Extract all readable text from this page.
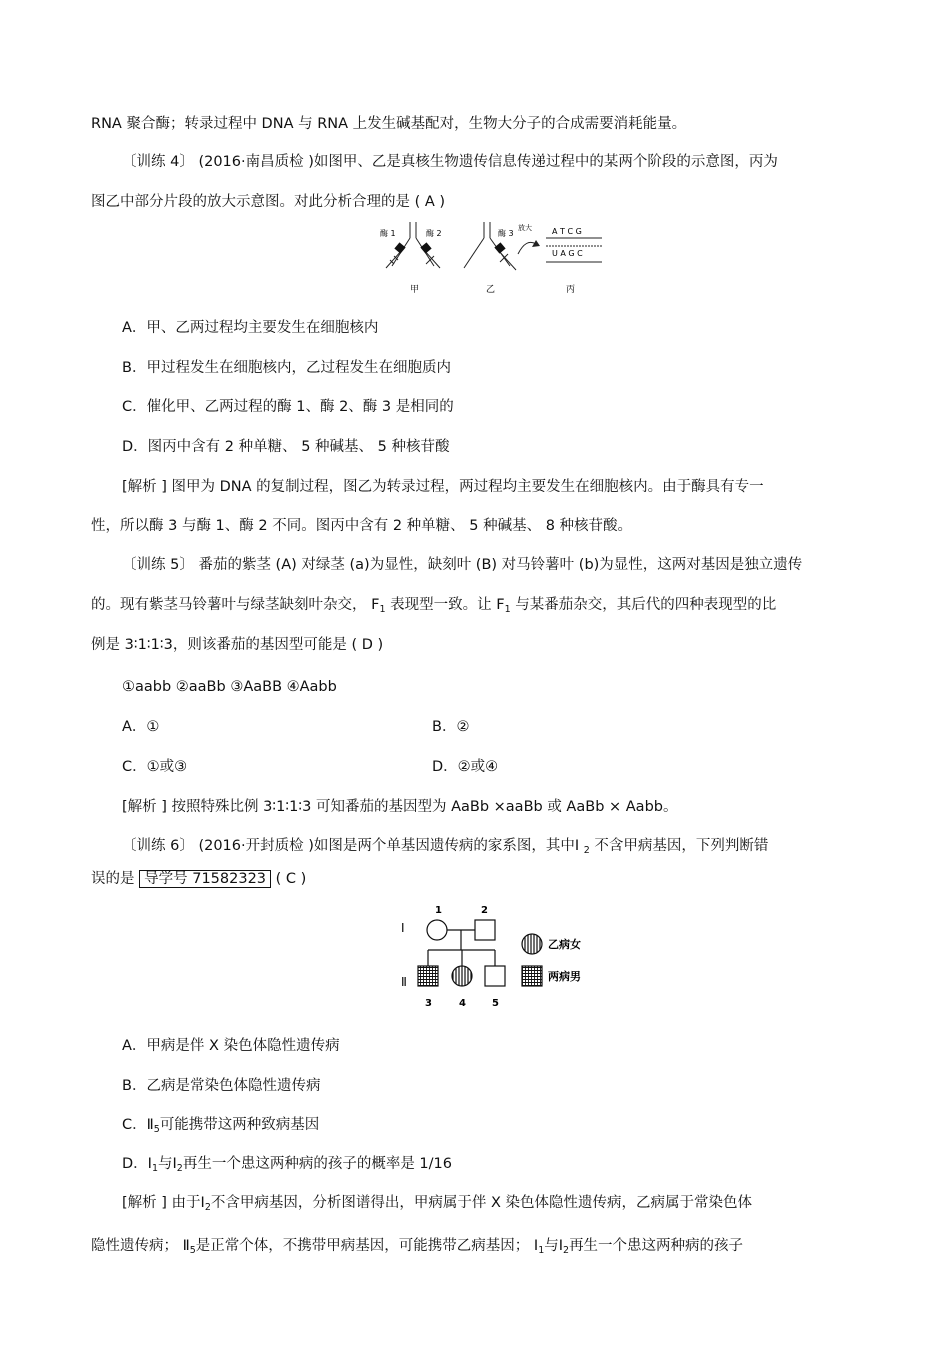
RNA 聚合酶；转录过程中 DNA 与 RNA 上发生碱基配对，生物大分子的合成需要消耗能量。
〔训练 4〕 (2016·南昌质检 )如图甲、乙是真核生物遗传信息传递过程中的某两个阶段的示意图，丙为
图乙中部分片段的放大示意图。对此分析合理的是 ( A )
酶 1	酶 2
甲
酶 3
乙
放大	A T C G
U A G C
丙
A．甲、乙两过程均主要发生在细胞核内
B．甲过程发生在细胞核内，乙过程发生在细胞质内
C．催化甲、乙两过程的酶 1、酶 2、酶 3 是相同的
D．图丙中含有 2 种单糖、 5 种碱基、 5 种核苷酸
[解析 ] 图甲为 DNA 的复制过程，图乙为转录过程，两过程均主要发生在细胞核内。由于酶具有专一
性，所以酶 3 与酶 1、酶 2 不同。图丙中含有 2 种单糖、 5 种碱基、 8 种核苷酸。
〔训练 5〕 番茄的紫茎 (A) 对绿茎 (a)为显性，缺刻叶 (B) 对马铃薯叶 (b)为显性，这两对基因是独立遗传
的。现有紫茎马铃薯叶与绿茎缺刻叶杂交， $F_1$ 表现型一致。让 $F_1$ 与某番茄杂交，其后代的四种表现型的比
例是 3∶1∶1∶3，则该番茄的基因型可能是 ( D )
①aabb ②aaBb ③AaBB ④Aabb
A．①	B．②
C．①或③	D．②或④
[解析 ] 按照特殊比例 3∶1∶1∶3 可知番茄的基因型为 AaBb ×aaBb 或 AaBb × Aabb。
〔训练 6〕 (2016·开封质检 )如图是两个单基因遗传病的家系图，其中Ⅰ $_2$ 不含甲病基因，下列判断错
误的是 导学号 71582323 ( C )
Ⅰ
Ⅱ
1	2
3	4	5
乙病女
两病男
A．甲病是伴 X 染色体隐性遗传病
B．乙病是常染色体隐性遗传病
C．$Ⅱ_5$可能携带这两种致病基因
D．$Ⅰ_1$与$Ⅰ_2$再生一个患这两种病的孩子的概率是 1/16
[解析 ] 由于$Ⅰ_2$不含甲病基因，分析图谱得出，甲病属于伴 X 染色体隐性遗传病，乙病属于常染色体
隐性遗传病； $Ⅱ_5$是正常个体，不携带甲病基因，可能携带乙病基因； $Ⅰ_1$与$Ⅰ_2$再生一个患这两种病的孩子
